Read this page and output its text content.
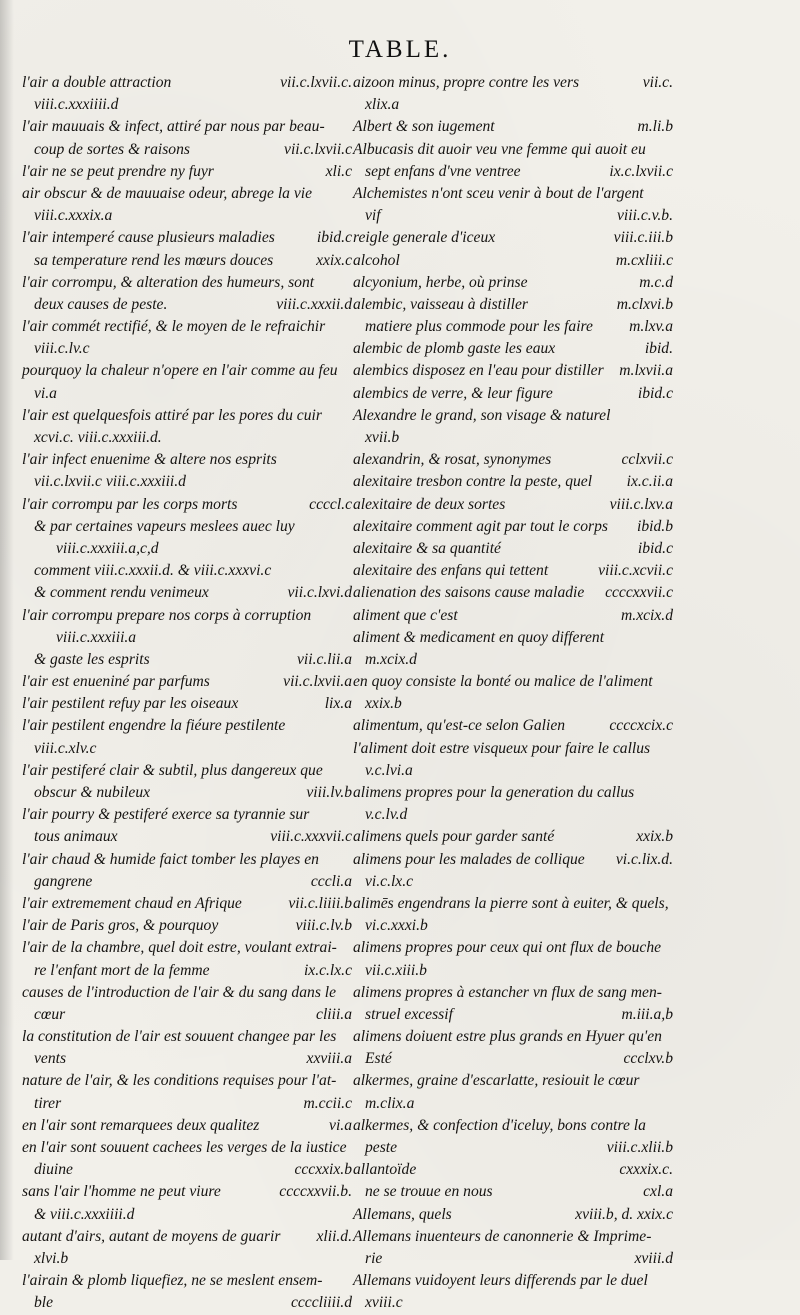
TABLE.
l'air a double attraction	vii.c.lxvii.c.
viii.c.xxxiiii.d
l'air mauuais & infect, attiré par nous par beau-
coup de sortes & raisons	vii.c.lxvii.c
l'air ne se peut prendre ny fuyr	xli.c
air obscur & de mauuaise odeur, abrege la vie
viii.c.xxxix.a
l'air intemperé cause plusieurs maladies	ibid.c
sa temperature rend les mœurs douces	xxix.c
l'air corrompu, & alteration des humeurs, sont
deux causes de peste.	viii.c.xxxii.d
l'air commét rectifié, & le moyen de le refraichir
viii.c.lv.c
pourquoy la chaleur n'opere en l'air comme au feu
vi.a
l'air est quelquesfois attiré par les pores du cuir
xcvi.c. viii.c.xxxiii.d.
l'air infect enuenime & altere nos esprits
vii.c.lxvii.c viii.c.xxxiii.d
l'air corrompu par les corps morts	ccccl.c
& par certaines vapeurs meslees auec luy
viii.c.xxxiii.a,c,d
comment viii.c.xxxii.d. & viii.c.xxxvi.c
& comment rendu venimeux	vii.c.lxvi.d
l'air corrompu prepare nos corps à corruption
viii.c.xxxiii.a
& gaste les esprits	vii.c.lii.a
l'air est enueniné par parfums	vii.c.lxvii.a
l'air pestilent refuy par les oiseaux	lix.a
l'air pestilent engendre la fiéure pestilente
viii.c.xlv.c
l'air pestiferé clair & subtil, plus dangereux que
obscur & nubileux	viii.lv.b
l'air pourry & pestiferé exerce sa tyrannie sur
tous animaux	viii.c.xxxvii.c
l'air chaud & humide faict tomber les playes en
gangrene	cccli.a
l'air extremement chaud en Afrique	vii.c.liiii.b
l'air de Paris gros, & pourquoy	viii.c.lv.b
l'air de la chambre, quel doit estre, voulant extrai-
re l'enfant mort de la femme	ix.c.lx.c
causes de l'introduction de l'air & du sang dans le
cœur	cliii.a
la constitution de l'air est souuent changee par les
vents	xxviii.a
nature de l'air, & les conditions requises pour l'at-
tirer	m.ccii.c
en l'air sont remarquees deux qualitez	vi.a
en l'air sont souuent cachees les verges de la iustice
diuine	cccxxix.b
sans l'air l'homme ne peut viure	ccccxxvii.b.
& viii.c.xxxiiii.d
autant d'airs, autant de moyens de guarir xlii.d.
xlvi.b
l'airain & plomb liquefiez, ne se meslent ensem-
ble	ccccliiii.d
aizoon minus, propre contre les vers	vii.c.
xlix.a
Albert & son iugement	m.li.b
Albucasis dit auoir veu vne femme qui auoit eu
sept enfans d'vne ventree	ix.c.lxvii.c
Alchemistes n'ont sceu venir à bout de l'argent
vif	viii.c.v.b.
reigle generale d'iceux	viii.c.iii.b
alcohol	m.cxliii.c
alcyonium, herbe, où prinse	m.c.d
alembic, vaisseau à distiller	m.clxvi.b
matiere plus commode pour les faire m.lxv.a
alembic de plomb gaste les eaux	ibid.
alembics disposez en l'eau pour distiller m.lxvii.a
alembics de verre, & leur figure	ibid.c
Alexandre le grand, son visage & naturel
xvii.b
alexandrin, & rosat, synonymes	cclxvii.c
alexitaire tresbon contre la peste, quel ix.c.ii.a
alexitaire de deux sortes	viii.c.lxv.a
alexitaire comment agit par tout le corps ibid.b
alexitaire & sa quantité	ibid.c
alexitaire des enfans qui tettent	viii.c.xcvii.c
alienation des saisons cause maladie ccccxxvii.c
aliment que c'est	m.xcix.d
aliment & medicament en quoy different
m.xcix.d
en quoy consiste la bonté ou malice de l'aliment
xxix.b
alimentum, qu'est-ce selon Galien	ccccxcix.c
l'aliment doit estre visqueux pour faire le callus
v.c.lvi.a
alimens propres pour la generation du callus
v.c.lv.d
alimens quels pour garder santé	xxix.b
alimens pour les malades de collique vi.c.lix.d.
vi.c.lx.c
alimēs engendrans la pierre sont à euiter, & quels,
vi.c.xxxi.b
alimens propres pour ceux qui ont flux de bouche
vii.c.xiii.b
alimens propres à estancher vn flux de sang men-
struel excessif	m.iii.a,b
alimens doiuent estre plus grands en Hyuer qu'en
Esté	ccclxv.b
alkermes, graine d'escarlatte, resiouit le cœur
m.clix.a
alkermes, & confection d'iceluy, bons contre la
peste	viii.c.xlii.b
allantoïde	cxxxix.c.
ne se trouue en nous	cxl.a
Allemans, quels	xviii.b, d. xxix.c
Allemans inuenteurs de canonnerie & Imprime-
rie	xviii.d
Allemans vuidoyent leurs differends par le duel
xviii.c
